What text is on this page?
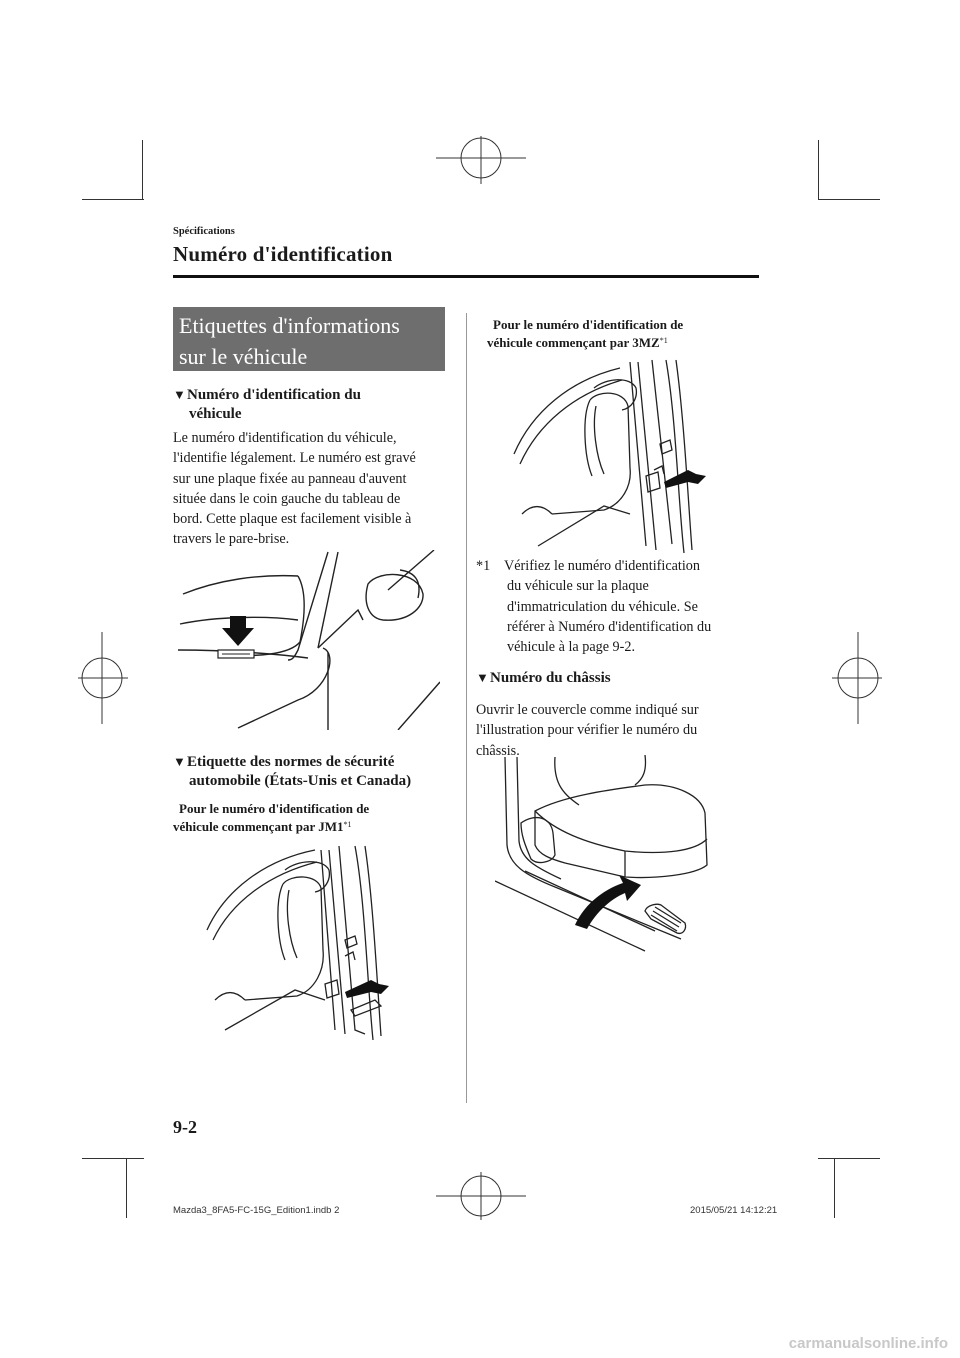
Spécifications
Numéro d'identification
Etiquettes d'informations
sur le véhicule
▼Numéro d'identification du
véhicule
Le numéro d'identification du véhicule,
l'identifie légalement. Le numéro est gravé
sur une plaque fixée au panneau d'auvent
située dans le coin gauche du tableau de
bord. Cette plaque est facilement visible à
travers le pare-brise.
▼Etiquette des normes de sécurité
automobile (États-Unis et Canada)
Pour le numéro d'identification de
véhicule commençant par JM1$^{*1}$
Pour le numéro d'identification de
véhicule commençant par 3MZ$^{*1}$
*1 Vérifiez le numéro d'identification
du véhicule sur la plaque
d'immatriculation du véhicule. Se
référer à Numéro d'identification du
véhicule à la page 9-2.
▼Numéro du châssis
Ouvrir le couvercle comme indiqué sur
l'illustration pour vérifier le numéro du
châssis.
9-2
Mazda3_8FA5-FC-15G_Edition1.indb 2	2015/05/21 14:12:21
carmanualsonline.info
